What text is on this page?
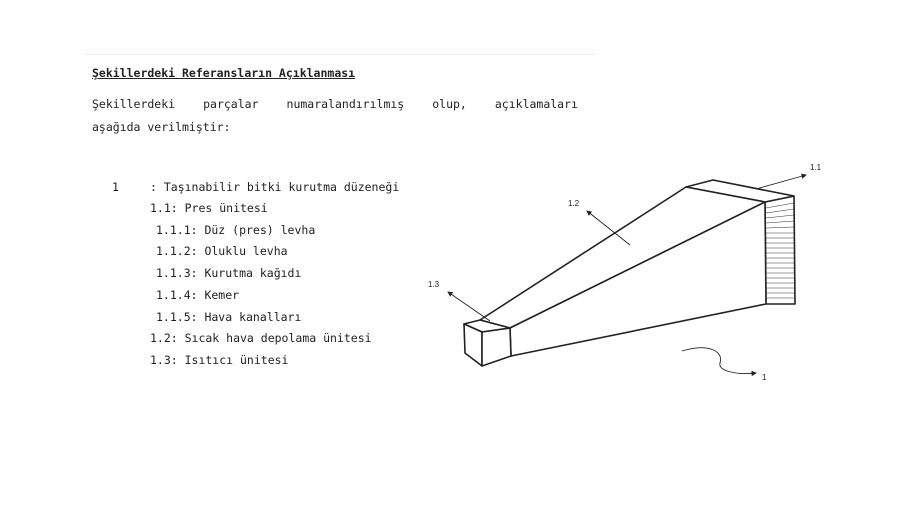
Şekillerdeki Referansları​n Açıklanması
Şekillerdeki parçalar numaralandırılmış olup, açıklamaları
aşağıda verilmiştir:
1	: Taşınabilir bitki kurutma düzeneği
1.1: Pres ünitesi
1.1.1: Düz (pres) levha
1.1.2: Oluklu levha
1.1.3: Kurutma kağıdı
1.1.4: Kemer
1.1.5: Hava kanalları
1.2: Sıcak hava depolama ünitesi
1.3: Isıtıcı ünitesi
1.1
1.2
1.3
1
